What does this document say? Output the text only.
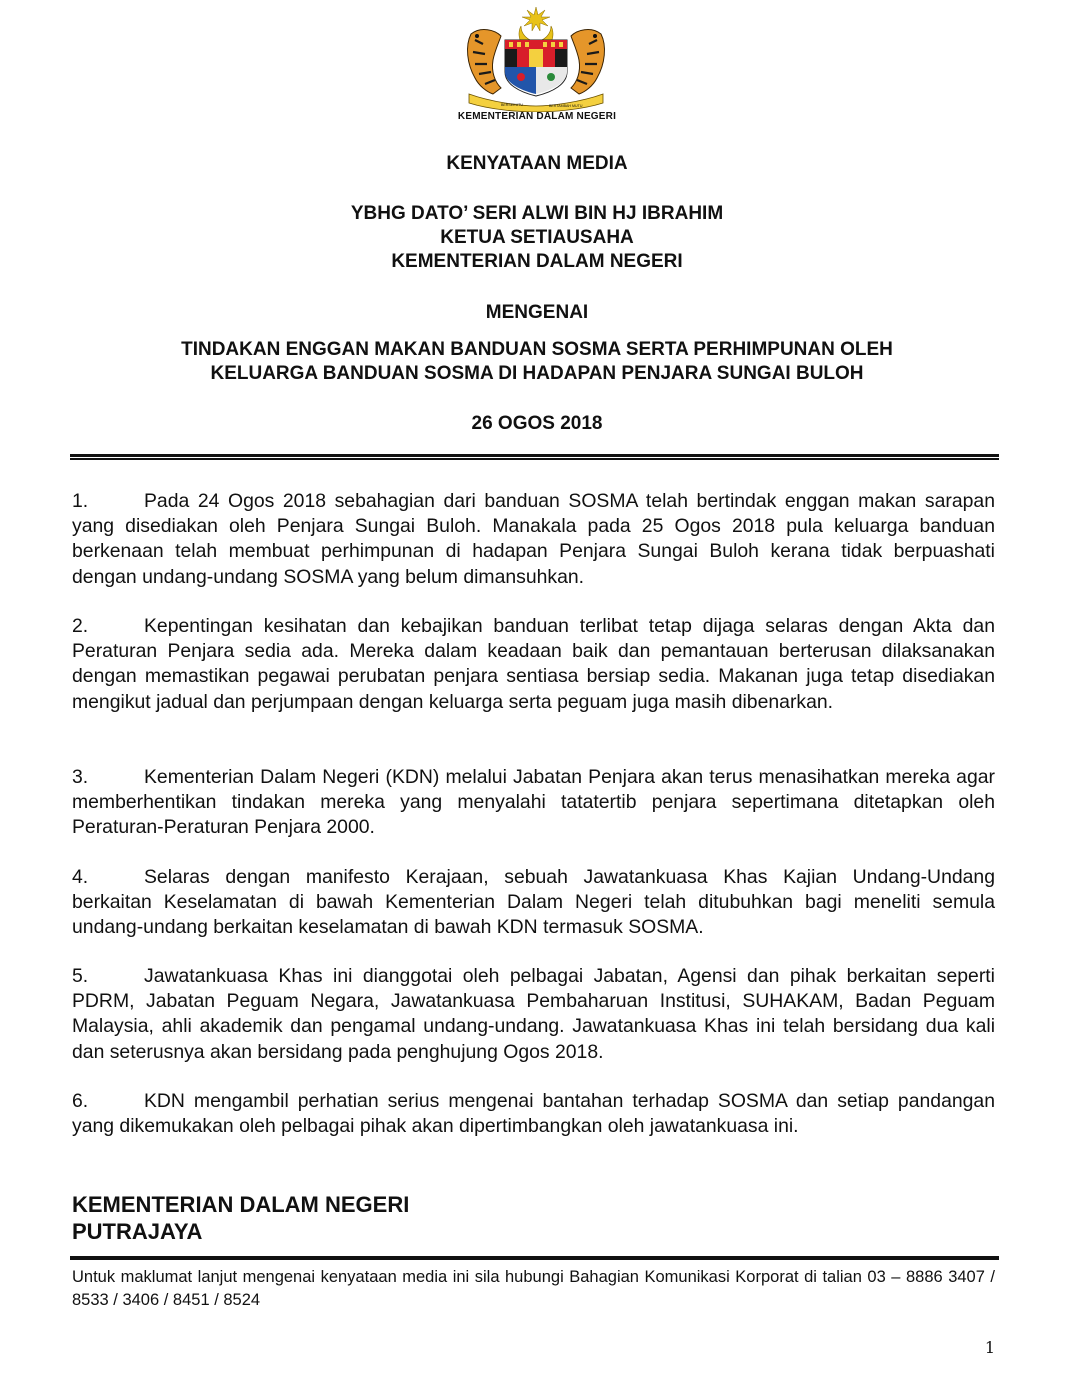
BERSEKUTU	BERTAMBAH MUTU
KEMENTERIAN DALAM NEGERI
KENYATAAN MEDIA
YBHG DATO’ SERI ALWI BIN HJ IBRAHIM
KETUA SETIAUSAHA
KEMENTERIAN DALAM NEGERI
MENGENAI
TINDAKAN ENGGAN MAKAN BANDUAN SOSMA SERTA PERHIMPUNAN OLEH
KELUARGA BANDUAN SOSMA DI HADAPAN PENJARA SUNGAI BULOH
26 OGOS 2018
1.	Pada 24 Ogos 2018 sebahagian dari banduan SOSMA telah bertindak enggan makan sarapan yang disediakan oleh Penjara Sungai Buloh. Manakala pada 25 Ogos 2018 pula keluarga banduan berkenaan telah membuat perhimpunan di hadapan Penjara Sungai Buloh kerana tidak berpuashati dengan undang-undang SOSMA yang belum dimansuhkan.
2.	Kepentingan kesihatan dan kebajikan banduan terlibat tetap dijaga selaras dengan Akta dan Peraturan Penjara sedia ada. Mereka dalam keadaan baik dan pemantauan berterusan dilaksanakan dengan memastikan pegawai perubatan penjara sentiasa bersiap sedia. Makanan juga tetap disediakan mengikut jadual dan perjumpaan dengan keluarga serta peguam juga masih dibenarkan.
3.	Kementerian Dalam Negeri (KDN) melalui Jabatan Penjara akan terus menasihatkan mereka agar memberhentikan tindakan mereka yang menyalahi tatatertib penjara sepertimana ditetapkan oleh Peraturan-Peraturan Penjara 2000.
4.	Selaras dengan manifesto Kerajaan, sebuah Jawatankuasa Khas Kajian Undang-Undang berkaitan Keselamatan di bawah Kementerian Dalam Negeri telah ditubuhkan bagi meneliti semula undang-undang berkaitan keselamatan di bawah KDN termasuk SOSMA.
5.	Jawatankuasa Khas ini dianggotai oleh pelbagai Jabatan, Agensi dan pihak berkaitan seperti PDRM, Jabatan Peguam Negara, Jawatankuasa Pembaharuan Institusi, SUHAKAM, Badan Peguam Malaysia, ahli akademik dan pengamal undang-undang. Jawatankuasa Khas ini telah bersidang dua kali dan seterusnya akan bersidang pada penghujung Ogos 2018.
6.	KDN mengambil perhatian serius mengenai bantahan terhadap SOSMA dan setiap pandangan yang dikemukakan oleh pelbagai pihak akan dipertimbangkan oleh jawatankuasa ini.
KEMENTERIAN DALAM NEGERI
PUTRAJAYA
Untuk maklumat lanjut mengenai kenyataan media ini sila hubungi Bahagian Komunikasi Korporat di talian 03 – 8886 3407 / 8533 / 3406 / 8451 / 8524
1
